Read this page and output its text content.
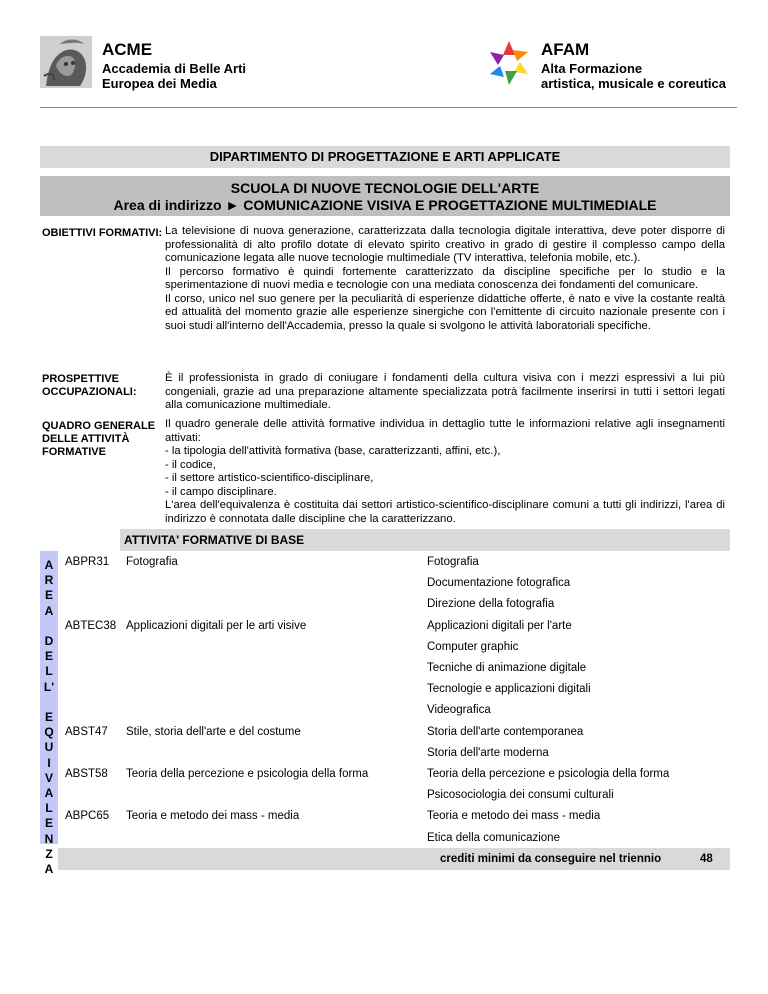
ACME
Accademia di Belle Arti
Europea dei Media
AFAM
Alta Formazione
artistica, musicale e coreutica
DIPARTIMENTO DI PROGETTAZIONE E ARTI APPLICATE
SCUOLA DI NUOVE TECNOLOGIE DELL'ARTE
Area di indirizzo ► COMUNICAZIONE VISIVA E PROGETTAZIONE MULTIMEDIALE
OBIETTIVI FORMATIVI: La televisione di nuova generazione, caratterizzata dalla tecnologia digitale interattiva, deve poter disporre di professionalità di alto profilo dotate di elevato spirito creativo in grado di gestire il complesso campo della comunicazione legata alle nuove tecnologie multimediale (TV interattiva, telefonia mobile, etc.).
Il percorso formativo è quindi fortemente caratterizzato da discipline specifiche per lo studio e la sperimentazione di nuovi media e tecnologie con una mediata conoscenza dei fondamenti del comunicare.
Il corso, unico nel suo genere per la peculiarità di esperienze didattiche offerte, è nato e vive la costante realtà ed attualità del momento grazie alle esperienze sinergiche con l'emittente di circuito nazionale presente con i suoi studi all'interno dell'Accademia, presso la quale si svolgono le attività laboratoriali specifiche.
PROSPETTIVE
OCCUPAZIONALI:
È il professionista in grado di coniugare i fondamenti della cultura visiva con i mezzi espressivi a lui più congeniali, grazie ad una preparazione altamente specializzata potrà facilmente inserirsi in tutti i settori legati alla comunicazione multimediale.
QUADRO GENERALE
DELLE ATTIVITÀ
FORMATIVE
Il quadro generale delle attività formative individua in dettaglio tutte le informazioni relative agli insegnamenti attivati:
- la tipologia dell'attività formativa (base, caratterizzanti, affini, etc.),
- il codice,
- il settore artistico-scientifico-disciplinare,
- il campo disciplinare.
L'area dell'equivalenza è costituita dai settori artistico-scientifico-disciplinare comuni a tutti gli indirizzi, l'area di indirizzo è connotata dalle discipline che la caratterizzano.
ATTIVITA' FORMATIVE DI BASE
A
R
E
A

D
E
L
L'

E
Q
U
I
V
A
L
E
N
Z
A
ABPR31 Fotografia	Fotografia
Documentazione fotografica
Direzione della fotografia
ABTEC38 Applicazioni digitali per le arti visive	Applicazioni digitali per l'arte
Computer graphic
Tecniche di animazione digitale
Tecnologie e applicazioni digitali
Videografica
ABST47 Stile, storia dell'arte e del costume	Storia dell'arte contemporanea
Storia dell'arte moderna
ABST58 Teoria della percezione e psicologia della forma	Teoria della percezione e psicologia della forma
Psicosociologia dei consumi culturali
ABPC65 Teoria e metodo dei mass - media	Teoria e metodo dei mass - media
Etica della comunicazione
crediti minimi da conseguire nel triennio	48
